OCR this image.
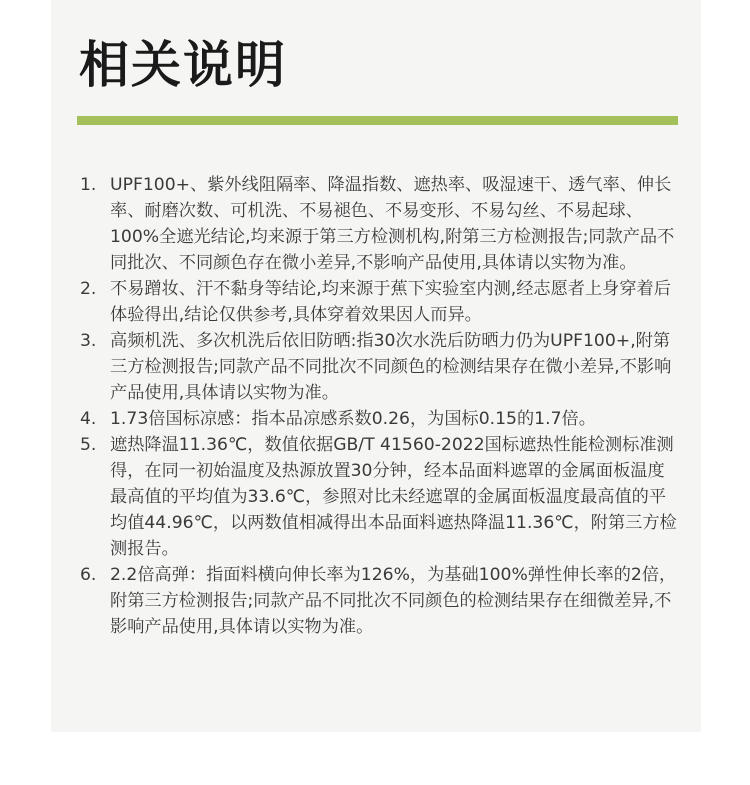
相关说明
1. UPF100+、紫外线阻隔率、降温指数、遮热率、吸湿速干、透气率、伸长率、耐磨次数、可机洗、不易褪色、不易变形、不易勾丝、不易起球、100%全遮光结论,均来源于第三方检测机构,附第三方检测报告;同款产品不同批次、不同颜色存在微小差异,不影响产品使用,具体请以实物为准。
2. 不易蹭妆、汗不黏身等结论,均来源于蕉下实验室内测,经志愿者上身穿着后体验得出,结论仅供参考,具体穿着效果因人而异。
3. 高频机洗、多次机洗后依旧防晒:指30次水洗后防晒力仍为UPF100+,附第三方检测报告;同款产品不同批次不同颜色的检测结果存在微小差异,不影响产品使用,具体请以实物为准。
4. 1.73倍国标凉感：指本品凉感系数0.26，为国标0.15的1.7倍。
5. 遮热降温11.36℃，数值依据GB/T 41560-2022国标遮热性能检测标准测得，在同一初始温度及热源放置30分钟，经本品面料遮罩的金属面板温度最高值的平均值为33.6℃，参照对比未经遮罩的金属面板温度最高值的平均值44.96℃，以两数值相减得出本品面料遮热降温11.36℃，附第三方检测报告。
6. 2.2倍高弹：指面料横向伸长率为126%，为基础100%弹性伸长率的2倍，附第三方检测报告;同款产品不同批次不同颜色的检测结果存在细微差异,不影响产品使用,具体请以实物为准。
